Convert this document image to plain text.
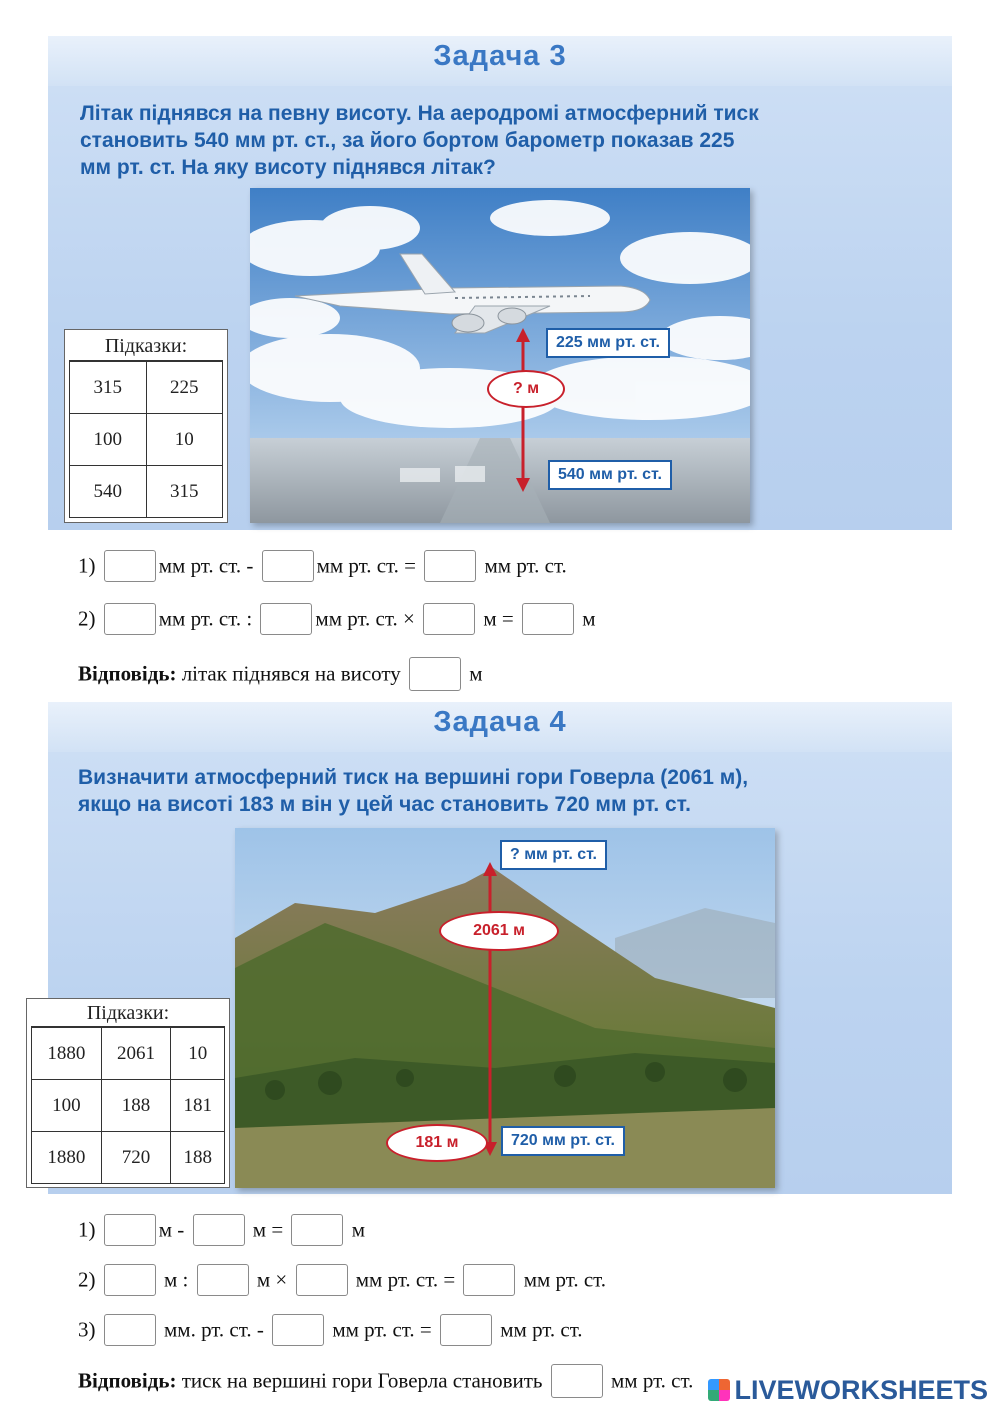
Задача 3
Літак піднявся на певну висоту. На аеродромі атмосферний тиск
становить 540 мм рт. ст., за його бортом барометр показав 225
мм рт. ст. На яку висоту піднявся літак?
225 мм рт. ст.
? м
540 мм рт. ст.
Підказки:
315	225
100	10
540	315
1)	мм рт. ст. -	мм рт. ст. =	мм рт. ст.
2)	мм рт. ст. :	мм рт. ст. ×	м =	м
Відповідь: літак піднявся на висоту	м
Задача 4
Визначити атмосферний тиск на вершині гори Говерла (2061 м),
якщо на висоті 183 м він у цей час становить 720 мм рт. ст.
? мм рт. ст.
2061 м
181 м	720 мм рт. ст.
Підказки:
1880	2061	10
100	188	181
1880	720	188
1)	м -	м =	м
2)	м :	м ×	мм рт. ст. =	мм рт. ст.
3)	мм. рт. ст. -	мм рт. ст. =	мм рт. ст.
Відповідь: тиск на вершині гори Говерла становить	мм рт. ст.	LIVEWORKSHEETS
